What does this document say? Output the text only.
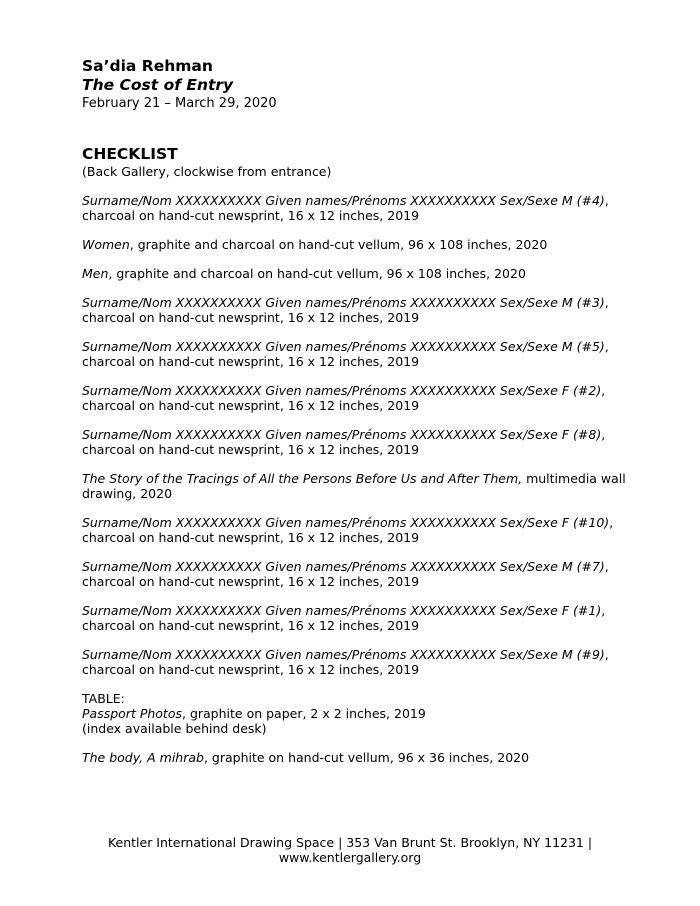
Sa’dia Rehman

The Cost of Entry

February 21 – March 29, 2020

CHECKLIST

(Back Gallery, clockwise from entrance)

Surname/Nom XXXXXXXXXX Given names/Prénoms XXXXXXXXXX Sex/Sexe M (#4), charcoal on hand-cut newsprint, 16 x 12 inches, 2019

Women, graphite and charcoal on hand-cut vellum, 96 x 108 inches, 2020

Men, graphite and charcoal on hand-cut vellum, 96 x 108 inches, 2020

Surname/Nom XXXXXXXXXX Given names/Prénoms XXXXXXXXXX Sex/Sexe M (#3), charcoal on hand-cut newsprint, 16 x 12 inches, 2019

Surname/Nom XXXXXXXXXX Given names/Prénoms XXXXXXXXXX Sex/Sexe M (#5), charcoal on hand-cut newsprint, 16 x 12 inches, 2019

Surname/Nom XXXXXXXXXX Given names/Prénoms XXXXXXXXXX Sex/Sexe F (#2), charcoal on hand-cut newsprint, 16 x 12 inches, 2019

Surname/Nom XXXXXXXXXX Given names/Prénoms XXXXXXXXXX Sex/Sexe F (#8), charcoal on hand-cut newsprint, 16 x 12 inches, 2019

The Story of the Tracings of All the Persons Before Us and After Them, multimedia wall drawing, 2020

Surname/Nom XXXXXXXXXX Given names/Prénoms XXXXXXXXXX Sex/Sexe F (#10), charcoal on hand-cut newsprint, 16 x 12 inches, 2019

Surname/Nom XXXXXXXXXX Given names/Prénoms XXXXXXXXXX Sex/Sexe M (#7), charcoal on hand-cut newsprint, 16 x 12 inches, 2019

Surname/Nom XXXXXXXXXX Given names/Prénoms XXXXXXXXXX Sex/Sexe F (#1), charcoal on hand-cut newsprint, 16 x 12 inches, 2019

Surname/Nom XXXXXXXXXX Given names/Prénoms XXXXXXXXXX Sex/Sexe M (#9), charcoal on hand-cut newsprint, 16 x 12 inches, 2019

TABLE:
Passport Photos, graphite on paper, 2 x 2 inches, 2019
(index available behind desk)

The body, A mihrab, graphite on hand-cut vellum, 96 x 36 inches, 2020

Kentler International Drawing Space | 353 Van Brunt St. Brooklyn, NY 11231 |
www.kentlergallery.org
